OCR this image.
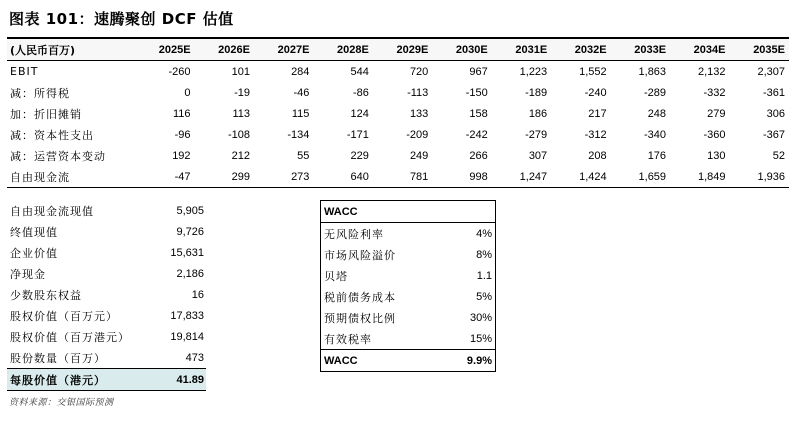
图表 101：速腾聚创 DCF 估值
(人民币百万)	2025E	2026E	2027E	2028E	2029E	2030E	2031E	2032E	2033E	2034E	2035E
EBIT	-260	101	284	544	720	967	1,223	1,552	1,863	2,132	2,307
减：所得税	0	-19	-46	-86	-113	-150	-189	-240	-289	-332	-361
加：折旧摊销	116	113	115	124	133	158	186	217	248	279	306
减：资本性支出	-96	-108	-134	-171	-209	-242	-279	-312	-340	-360	-367
减：运营资本变动	192	212	55	229	249	266	307	208	176	130	52
自由现金流	-47	299	273	640	781	998	1,247	1,424	1,659	1,849	1,936
自由现金流现值	5,905
终值现值	9,726
企业价值	15,631
净现金	2,186
少数股东权益	16
股权价值（百万元）	17,833
股权价值（百万港元）	19,814
股份数量（百万）	473
每股价值（港元）	41.89
WACC	
无风险利率	4%
市场风险溢价	8%
贝塔	1.1
税前债务成本	5%
预期债权比例	30%
有效税率	15%
WACC	9.9%
资料来源：交银国际预测
